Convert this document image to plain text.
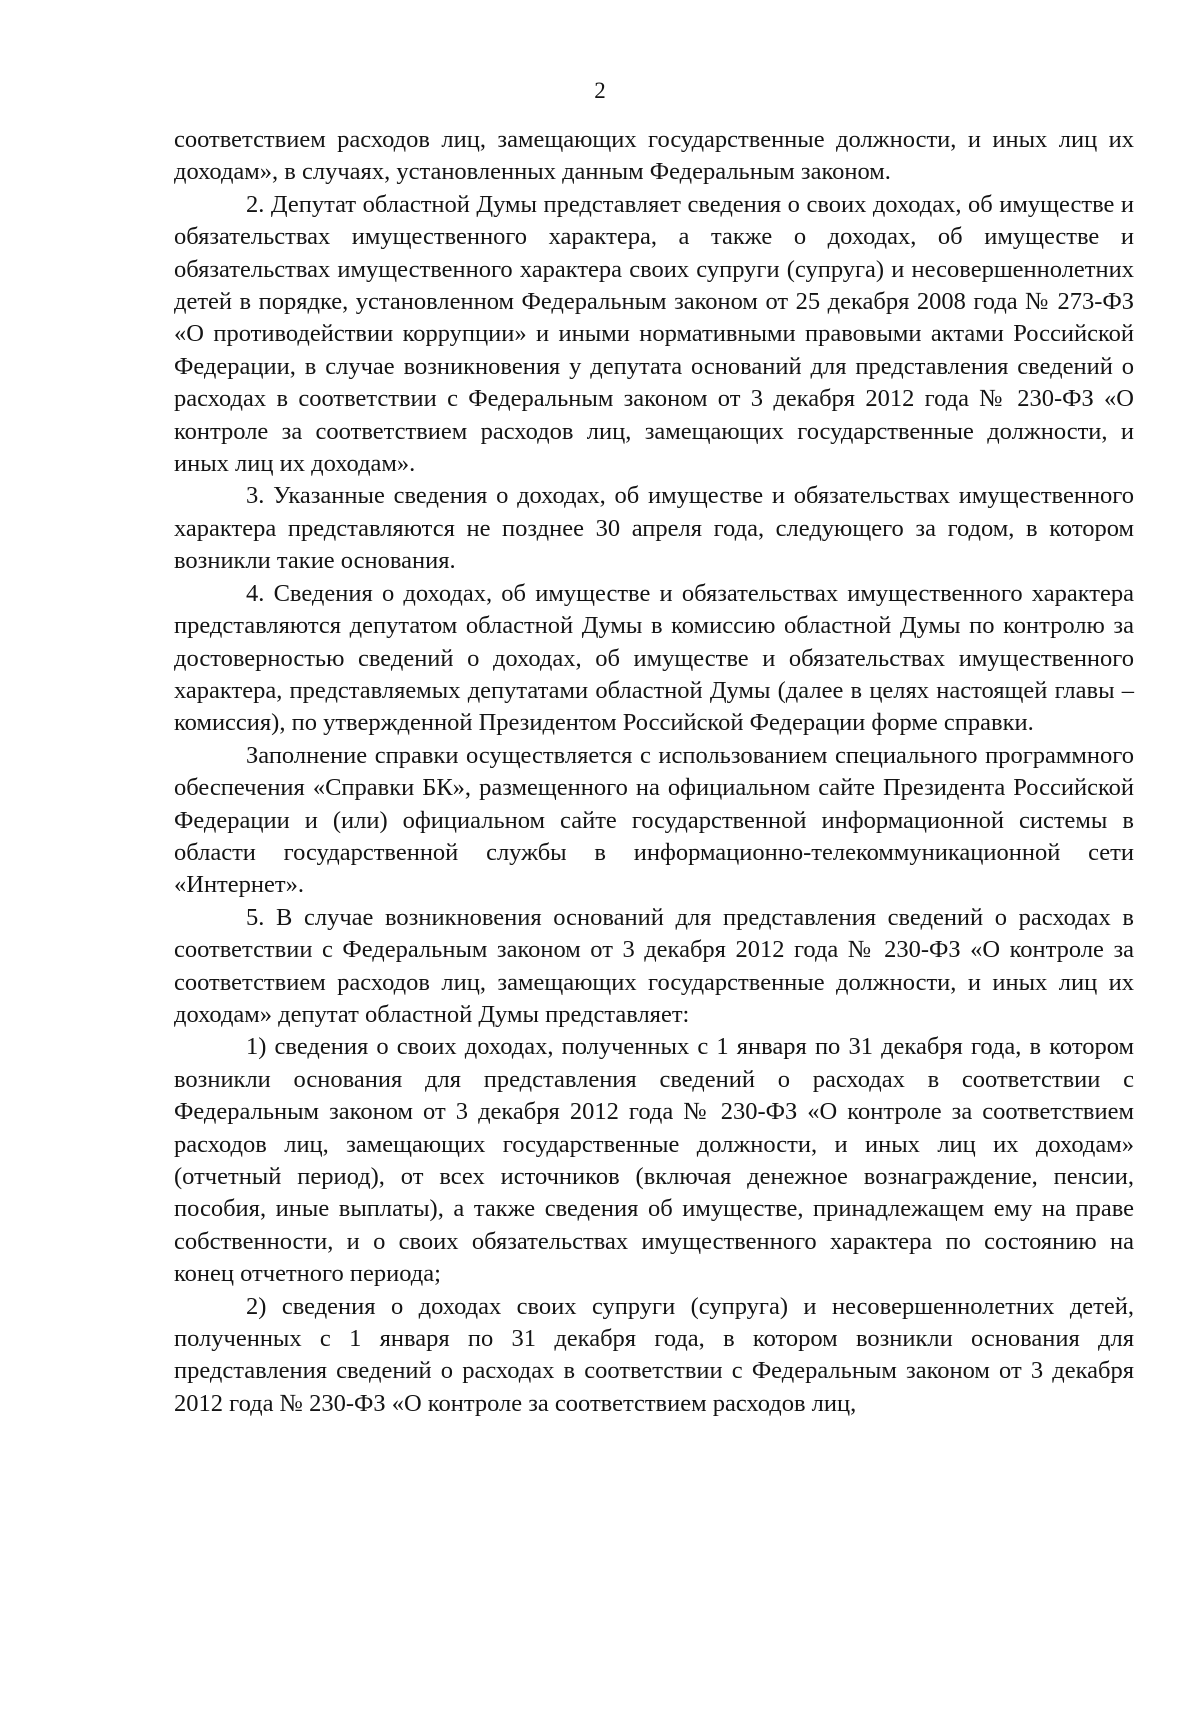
2

соответствием расходов лиц, замещающих государственные должности, и иных лиц их доходам», в случаях, установленных данным Федеральным законом.

2. Депутат областной Думы представляет сведения о своих доходах, об имуществе и обязательствах имущественного характера, а также о доходах, об имуществе и обязательствах имущественного характера своих супруги (супруга) и несовершеннолетних детей в порядке, установленном Федеральным законом от 25 декабря 2008 года № 273-ФЗ «О противодействии коррупции» и иными нормативными правовыми актами Российской Федерации, в случае возникновения у депутата оснований для представления сведений о расходах в соответствии с Федеральным законом от 3 декабря 2012 года № 230-ФЗ «О контроле за соответствием расходов лиц, замещающих государственные должности, и иных лиц их доходам».

3. Указанные сведения о доходах, об имуществе и обязательствах имущественного характера представляются не позднее 30 апреля года, следующего за годом, в котором возникли такие основания.

4. Сведения о доходах, об имуществе и обязательствах имущественного характера представляются депутатом областной Думы в комиссию областной Думы по контролю за достоверностью сведений о доходах, об имуществе и обязательствах имущественного характера, представляемых депутатами областной Думы (далее в целях настоящей главы – комиссия), по утвержденной Президентом Российской Федерации форме справки.

Заполнение справки осуществляется с использованием специального программного обеспечения «Справки БК», размещенного на официальном сайте Президента Российской Федерации и (или) официальном сайте государственной информационной системы в области государственной службы в информационно-телекоммуникационной сети «Интернет».

5. В случае возникновения оснований для представления сведений о расходах в соответствии с Федеральным законом от 3 декабря 2012 года № 230-ФЗ «О контроле за соответствием расходов лиц, замещающих государственные должности, и иных лиц их доходам» депутат областной Думы представляет:

1) сведения о своих доходах, полученных с 1 января по 31 декабря года, в котором возникли основания для представления сведений о расходах в соответствии с Федеральным законом от 3 декабря 2012 года № 230-ФЗ «О контроле за соответствием расходов лиц, замещающих государственные должности, и иных лиц их доходам» (отчетный период), от всех источников (включая денежное вознаграждение, пенсии, пособия, иные выплаты), а также сведения об имуществе, принадлежащем ему на праве собственности, и о своих обязательствах имущественного характера по состоянию на конец отчетного периода;

2) сведения о доходах своих супруги (супруга) и несовершеннолетних детей, полученных с 1 января по 31 декабря года, в котором возникли основания для представления сведений о расходах в соответствии с Федеральным законом от 3 декабря 2012 года № 230-ФЗ «О контроле за соответствием расходов лиц,
